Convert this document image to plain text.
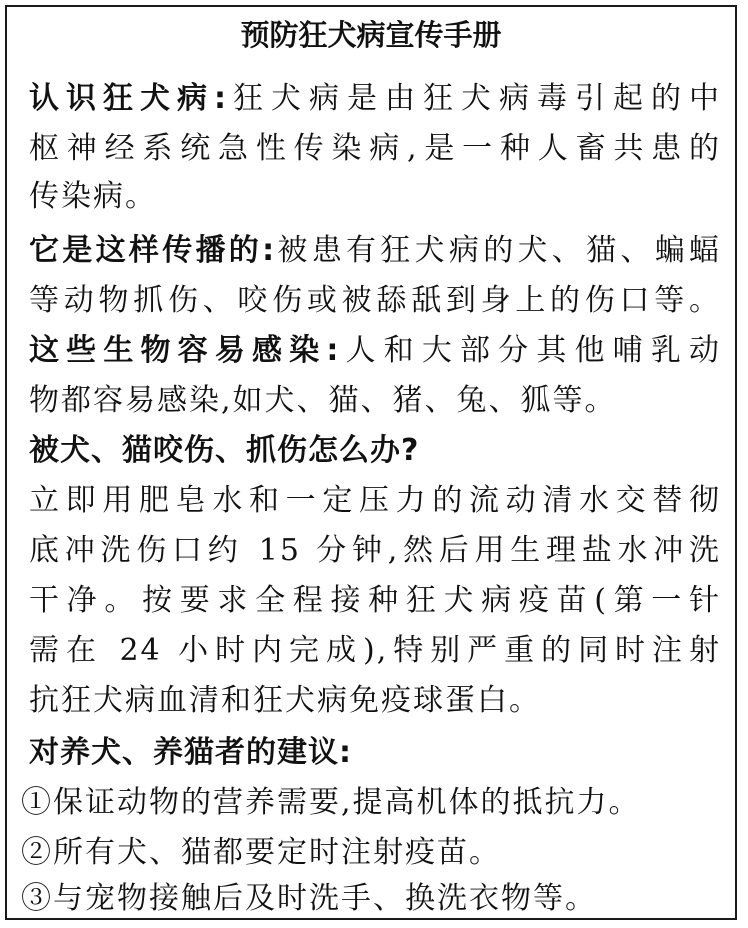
预防狂犬病宣传手册
认识狂犬病:狂犬病是由狂犬病毒引起的中
枢神经系统急性传染病,是一种人畜共患的
传染病。
它是这样传播的:被患有狂犬病的犬、猫、蝙蝠
等动物抓伤、咬伤或被舔舐到身上的伤口等。
这些生物容易感染:人和大部分其他哺乳动
物都容易感染,如犬、猫、猪、兔、狐等。
被犬、猫咬伤、抓伤怎么办?
立即用肥皂水和一定压力的流动清水交替彻
底冲洗伤口约 15 分钟,然后用生理盐水冲洗
干净。按要求全程接种狂犬病疫苗(第一针
需在 24 小时内完成),特别严重的同时注射
抗狂犬病血清和狂犬病免疫球蛋白。
对养犬、养猫者的建议:
①保证动物的营养需要,提高机体的抵抗力。
②所有犬、猫都要定时注射疫苗。
③与宠物接触后及时洗手、换洗衣物等。
